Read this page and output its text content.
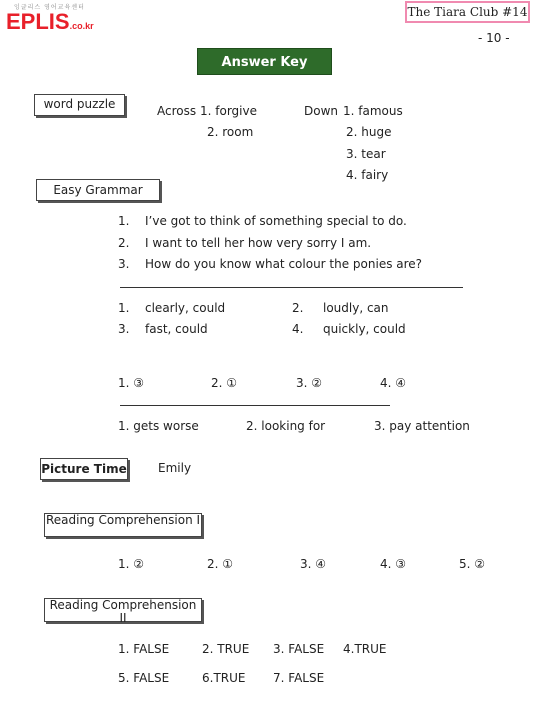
잉글리스 영어교육센터
EPLIS.co.kr
The Tiara Club #14
- 10 -
Answer Key
word puzzle	Across 1. forgive
2. room
Down 1. famous
2. huge
3. tear
4. fairy
Easy Grammar
1. I’ve got to think of something special to do.
2. I want to tell her how very sorry I am.
3. How do you know what colour the ponies are?
1. clearly, could	2. loudly, can
3. fast, could	4. quickly, could
1. ③	2. ①	3. ②	4. ④
1. gets worse	2. looking for	3. pay attention
Picture Time	Emily
Reading Comprehension I
1. ②	2. ①	3. ④	4. ③	5. ②
Reading Comprehension II
1. FALSE	2. TRUE 3. FALSE 4.TRUE
5. FALSE	6.TRUE 7. FALSE
